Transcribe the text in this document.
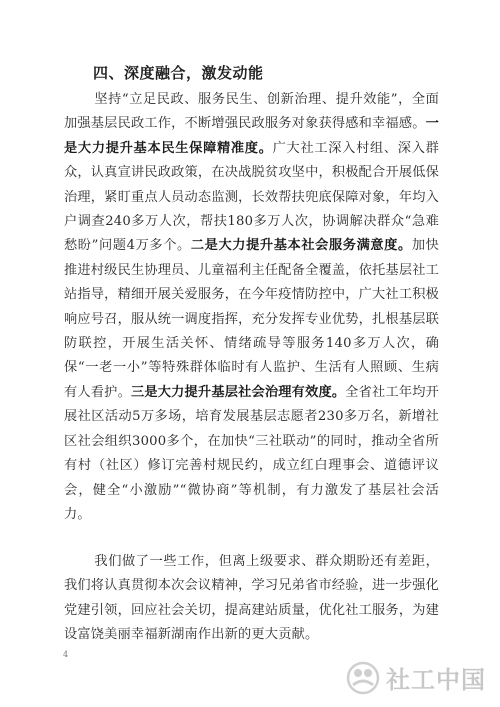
四、深度融合，激发动能
坚持“立足民政、服务民生、创新治理、提升效能”，全面加强基层民政工作，不断增强民政服务对象获得感和幸福感。一是大力提升基本民生保障精准度。广大社工深入村组、深入群众，认真宣讲民政政策，在决战脱贫攻坚中，积极配合开展低保治理，紧盯重点人员动态监测，长效帮扶兜底保障对象，年均入户调查240多万人次，帮扶180多万人次，协调解决群众“急难愁盼”问题4万多个。二是大力提升基本社会服务满意度。加快推进村级民生协理员、儿童福利主任配备全覆盖，依托基层社工站指导，精细开展关爱服务，在今年疫情防控中，广大社工积极响应号召，服从统一调度指挥，充分发挥专业优势，扎根基层联防联控，开展生活关怀、情绪疏导等服务140多万人次，确保“一老一小”等特殊群体临时有人监护、生活有人照顾、生病有人看护。三是大力提升基层社会治理有效度。全省社工年均开展社区活动5万多场，培育发展基层志愿者230多万名，新增社区社会组织3000多个，在加快“三社联动”的同时，推动全省所有村（社区）修订完善村规民约，成立红白理事会、道德评议会，健全“小激励”“微协商”等机制，有力激发了基层社会活力。
我们做了一些工作，但离上级要求、群众期盼还有差距，我们将认真贯彻本次会议精神，学习兄弟省市经验，进一步强化党建引领，回应社会关切，提高建站质量，优化社工服务，为建设富饶美丽幸福新湖南作出新的更大贡献。
4
社工中国
